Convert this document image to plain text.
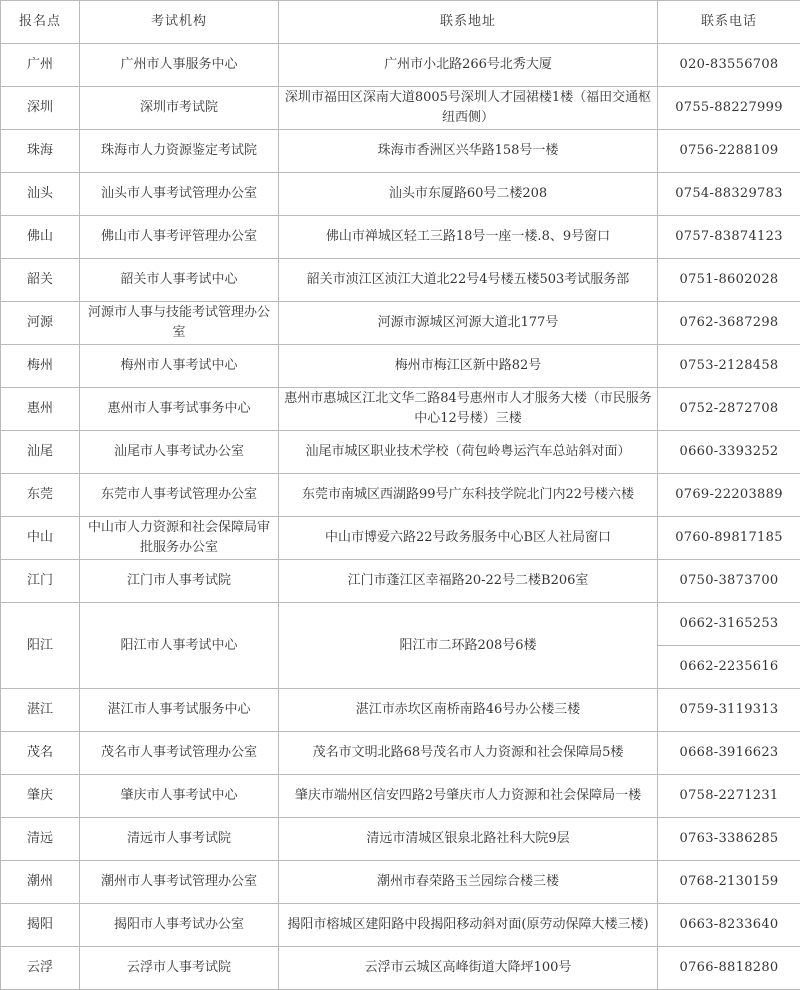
报名点	考试机构	联系地址	联系电话
广州	广州市人事服务中心	广州市小北路266号北秀大厦	020-83556708
深圳	深圳市考试院	深圳市福田区深南大道8005号深圳人才园裙楼1楼（福田交通枢纽西侧）	0755-88227999
珠海	珠海市人力资源鉴定考试院	珠海市香洲区兴华路158号一楼	0756-2288109
汕头	汕头市人事考试管理办公室	汕头市东厦路60号二楼208	0754-88329783
佛山	佛山市人事考评管理办公室	佛山市禅城区轻工三路18号一座一楼.8、9号窗口	0757-83874123
韶关	韶关市人事考试中心	韶关市浈江区浈江大道北22号4号楼五楼503考试服务部	0751-8602028
河源	河源市人事与技能考试管理办公室	河源市源城区河源大道北177号	0762-3687298
梅州	梅州市人事考试中心	梅州市梅江区新中路82号	0753-2128458
惠州	惠州市人事考试事务中心	惠州市惠城区江北文华二路84号惠州市人才服务大楼（市民服务中心12号楼）三楼	0752-2872708
汕尾	汕尾市人事考试办公室	汕尾市城区职业技术学校（荷包岭粤运汽车总站斜对面）	0660-3393252
东莞	东莞市人事考试管理办公室	东莞市南城区西湖路99号广东科技学院北门内22号楼六楼	0769-22203889
中山	中山市人力资源和社会保障局审批服务办公室	中山市博爱六路22号政务服务中心B区人社局窗口	0760-89817185
江门	江门市人事考试院	江门市蓬江区幸福路20-22号二楼B206室	0750-3873700
阳江	阳江市人事考试中心	阳江市二环路208号6楼	0662-3165253
			0662-2235616
湛江	湛江市人事考试服务中心	湛江市赤坎区南桥南路46号办公楼三楼	0759-3119313
茂名	茂名市人事考试管理办公室	茂名市文明北路68号茂名市人力资源和社会保障局5楼	0668-3916623
肇庆	肇庆市人事考试中心	肇庆市端州区信安四路2号肇庆市人力资源和社会保障局一楼	0758-2271231
清远	清远市人事考试院	清远市清城区银泉北路社科大院9层	0763-3386285
潮州	潮州市人事考试管理办公室	潮州市春荣路玉兰园综合楼三楼	0768-2130159
揭阳	揭阳市人事考试办公室	揭阳市榕城区建阳路中段揭阳移动斜对面(原劳动保障大楼三楼)	0663-8233640
云浮	云浮市人事考试院	云浮市云城区高峰街道大降坪100号	0766-8818280
